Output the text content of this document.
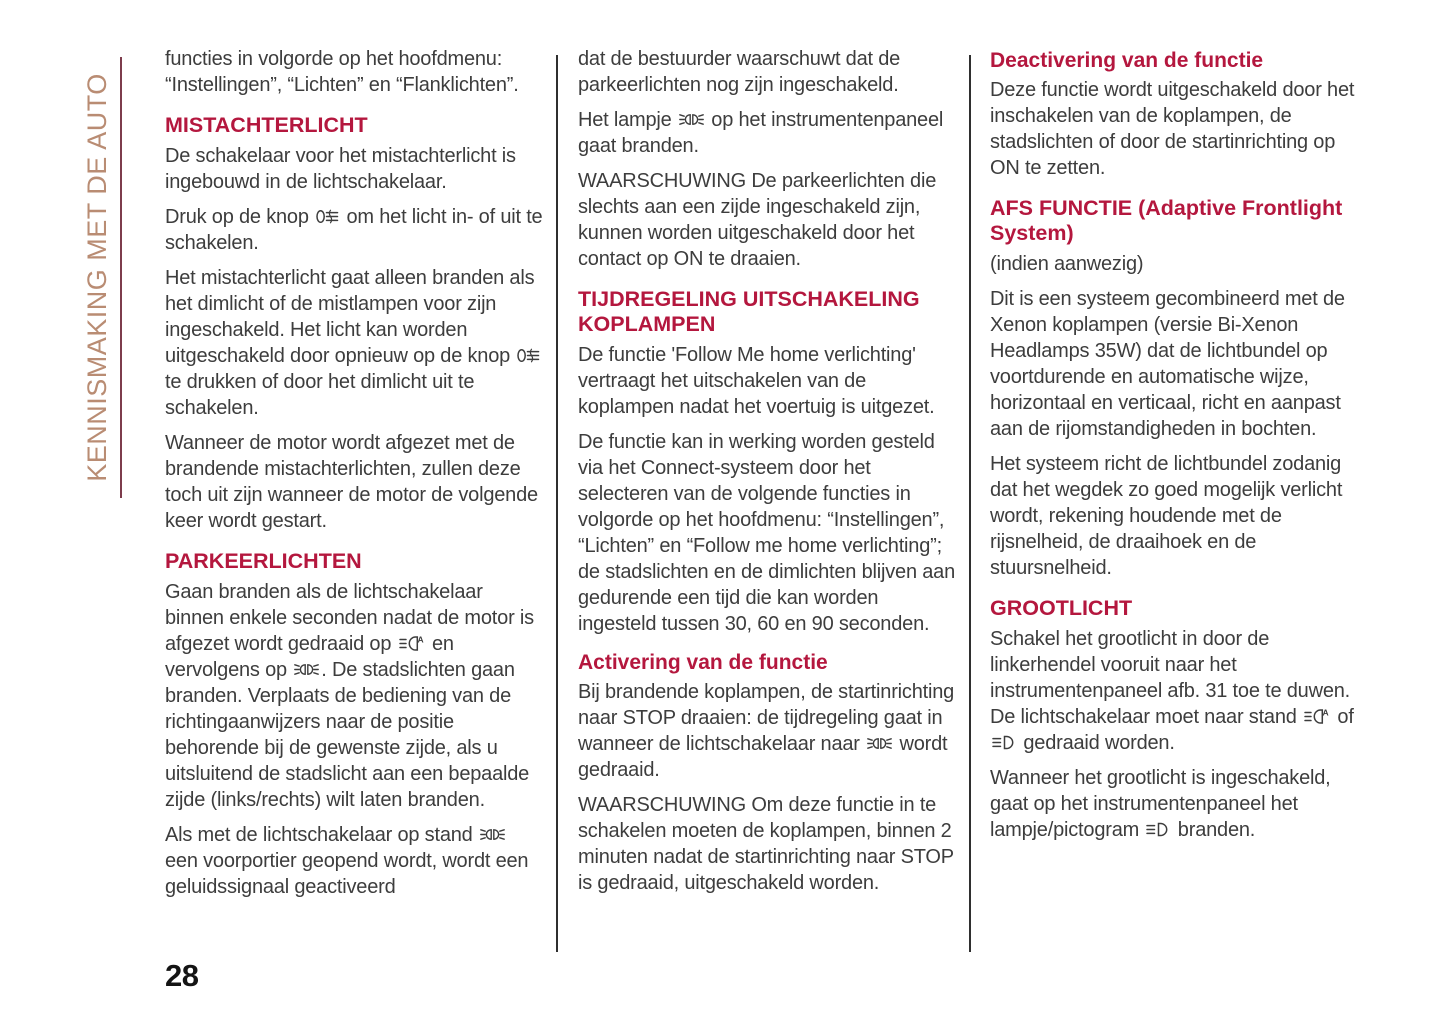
KENNISMAKING MET DE AUTO

functies in volgorde op het hoofdmenu: “Instellingen”, “Lichten” en “Flanklichten”.

MISTACHTERLICHT

De schakelaar voor het mistachterlicht is ingebouwd in de lichtschakelaar.

Druk op de knop  om het licht in- of uit te schakelen.

Het mistachterlicht gaat alleen branden als het dimlicht of de mistlampen voor zijn ingeschakeld. Het licht kan worden uitgeschakeld door opnieuw op de knop  te drukken of door het dimlicht uit te schakelen.

Wanneer de motor wordt afgezet met de brandende mistachterlichten, zullen deze toch uit zijn wanneer de motor de volgende keer wordt gestart.

PARKEERLICHTEN

Gaan branden als de lichtschakelaar binnen enkele seconden nadat de motor is afgezet wordt gedraaid op A en vervolgens op . De stadslichten gaan branden. Verplaats de bediening van de richtingaanwijzers naar de positie behorende bij de gewenste zijde, als u uitsluitend de stadslicht aan een bepaalde zijde (links/rechts) wilt laten branden.

Als met de lichtschakelaar op stand  een voorportier geopend wordt, wordt een geluidssignaal geactiveerd

dat de bestuurder waarschuwt dat de parkeerlichten nog zijn ingeschakeld.

Het lampje  op het instrumentenpaneel gaat branden.

WAARSCHUWING De parkeerlichten die slechts aan een zijde ingeschakeld zijn, kunnen worden uitgeschakeld door het contact op ON te draaien.

TIJDREGELING UITSCHAKELING KOPLAMPEN

De functie 'Follow Me home verlichting' vertraagt het uitschakelen van de koplampen nadat het voertuig is uitgezet.

De functie kan in werking worden gesteld via het Connect-systeem door het selecteren van de volgende functies in volgorde op het hoofdmenu: “Instellingen”, “Lichten” en “Follow me home verlichting”; de stadslichten en de dimlichten blijven aan gedurende een tijd die kan worden ingesteld tussen 30, 60 en 90 seconden.

Activering van de functie

Bij brandende koplampen, de startinrichting naar STOP draaien: de tijdregeling gaat in wanneer de lichtschakelaar naar  wordt gedraaid.

WAARSCHUWING Om deze functie in te schakelen moeten de koplampen, binnen 2 minuten nadat de startinrichting naar STOP is gedraaid, uitgeschakeld worden.

Deactivering van de functie

Deze functie wordt uitgeschakeld door het inschakelen van de koplampen, de stadslichten of door de startinrichting op ON te zetten.

AFS FUNCTIE (Adaptive Frontlight System)

(indien aanwezig)

Dit is een systeem gecombineerd met de Xenon koplampen (versie Bi-Xenon Headlamps 35W) dat de lichtbundel op voortdurende en automatische wijze, horizontaal en verticaal, richt en aanpast aan de rijomstandigheden in bochten.

Het systeem richt de lichtbundel zodanig dat het wegdek zo goed mogelijk verlicht wordt, rekening houdende met de rijsnelheid, de draaihoek en de stuursnelheid.

GROOTLICHT

Schakel het grootlicht in door de linkerhendel vooruit naar het instrumentenpaneel afb. 31 toe te duwen. De lichtschakelaar moet naar stand A of  gedraaid worden.

Wanneer het grootlicht is ingeschakeld, gaat op het instrumentenpaneel het lampje/pictogram  branden.

28
